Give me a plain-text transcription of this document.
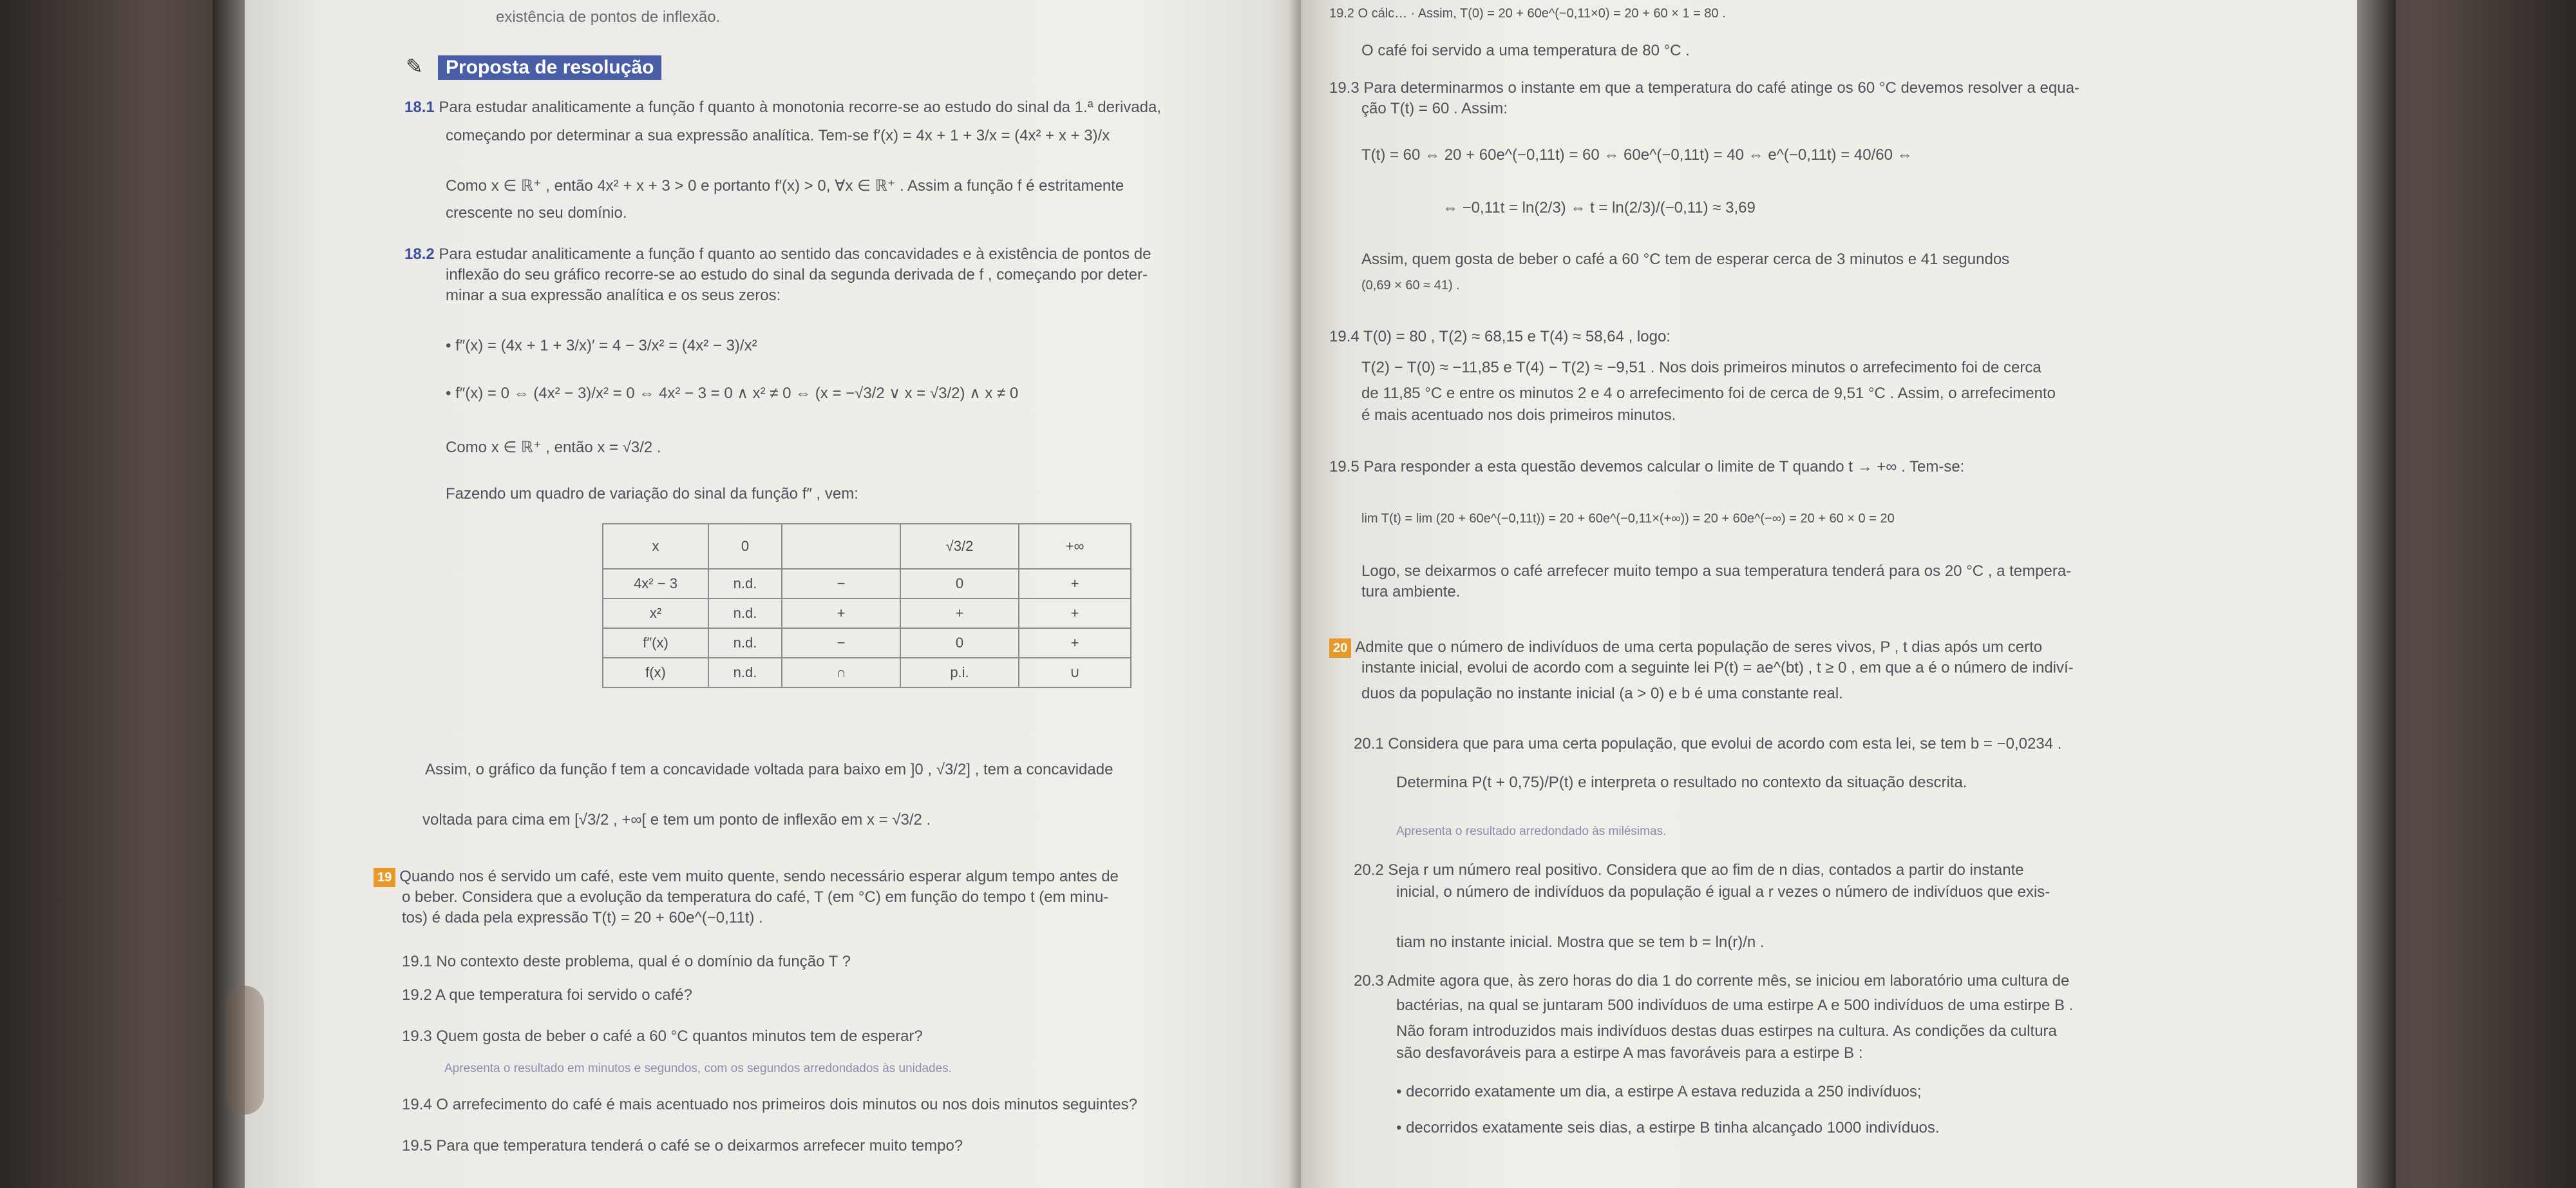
existência de pontos de inflexão.
✎	Proposta de resolução
18.1 Para estudar analiticamente a função f quanto à monotonia recorre-se ao estudo do sinal da 1.ª derivada,
começando por determinar a sua expressão analítica. Tem-se f′(x) = 4x + 1 + 3/x = (4x² + x + 3)/x
Como x ∈ ℝ⁺ , então 4x² + x + 3 > 0 e portanto f′(x) > 0, ∀x ∈ ℝ⁺ . Assim a função f é estritamente
crescente no seu domínio.
18.2 Para estudar analiticamente a função f quanto ao sentido das concavidades e à existência de pontos de
inflexão do seu gráfico recorre-se ao estudo do sinal da segunda derivada de f , começando por deter-
minar a sua expressão analítica e os seus zeros:
• f″(x) = (4x + 1 + 3/x)′ = 4 − 3/x² = (4x² − 3)/x²
• f″(x) = 0 ⇔ (4x² − 3)/x² = 0 ⇔ 4x² − 3 = 0 ∧ x² ≠ 0 ⇔ (x = −√3/2 ∨ x = √3/2) ∧ x ≠ 0
Como x ∈ ℝ⁺ , então x = √3/2 .
Fazendo um quadro de variação do sinal da função f″ , vem:
x	0		√3/2	+∞
4x² − 3	n.d.	−	0	+
x²	n.d.	+	+	+
f″(x)	n.d.	−	0	+
f(x)	n.d.	∩	p.i.	∪
Assim, o gráfico da função f tem a concavidade voltada para baixo em ]0 , √3/2] , tem a concavidade
voltada para cima em [√3/2 , +∞[ e tem um ponto de inflexão em x = √3/2 .
19 Quando nos é servido um café, este vem muito quente, sendo necessário esperar algum tempo antes de
o beber. Considera que a evolução da temperatura do café, T (em °C) em função do tempo t (em minu-
tos) é dada pela expressão T(t) = 20 + 60e^(−0,11t) .
19.1 No contexto deste problema, qual é o domínio da função T ?
19.2 A que temperatura foi servido o café?
19.3 Quem gosta de beber o café a 60 °C quantos minutos tem de esperar?
Apresenta o resultado em minutos e segundos, com os segundos arredondados às unidades.
19.4 O arrefecimento do café é mais acentuado nos primeiros dois minutos ou nos dois minutos seguintes?
19.5 Para que temperatura tenderá o café se o deixarmos arrefecer muito tempo?
19.2 O cálc… · Assim, T(0) = 20 + 60e^(−0,11×0) = 20 + 60 × 1 = 80 .
O café foi servido a uma temperatura de 80 °C .
19.3 Para determinarmos o instante em que a temperatura do café atinge os 60 °C devemos resolver a equa-
ção T(t) = 60 . Assim:
T(t) = 60 ⇔ 20 + 60e^(−0,11t) = 60 ⇔ 60e^(−0,11t) = 40 ⇔ e^(−0,11t) = 40/60 ⇔
⇔ −0,11t = ln(2/3) ⇔ t = ln(2/3)/(−0,11) ≈ 3,69
Assim, quem gosta de beber o café a 60 °C tem de esperar cerca de 3 minutos e 41 segundos
(0,69 × 60 ≈ 41) .
19.4 T(0) = 80 , T(2) ≈ 68,15 e T(4) ≈ 58,64 , logo:
T(2) − T(0) ≈ −11,85 e T(4) − T(2) ≈ −9,51 . Nos dois primeiros minutos o arrefecimento foi de cerca
de 11,85 °C e entre os minutos 2 e 4 o arrefecimento foi de cerca de 9,51 °C . Assim, o arrefecimento
é mais acentuado nos dois primeiros minutos.
19.5 Para responder a esta questão devemos calcular o limite de T quando t → +∞ . Tem-se:
lim T(t) = lim (20 + 60e^(−0,11t)) = 20 + 60e^(−0,11×(+∞)) = 20 + 60e^(−∞) = 20 + 60 × 0 = 20
Logo, se deixarmos o café arrefecer muito tempo a sua temperatura tenderá para os 20 °C , a tempera-
tura ambiente.
20 Admite que o número de indivíduos de uma certa população de seres vivos, P , t dias após um certo
instante inicial, evolui de acordo com a seguinte lei P(t) = ae^(bt) , t ≥ 0 , em que a é o número de indiví-
duos da população no instante inicial (a > 0) e b é uma constante real.
20.1 Considera que para uma certa população, que evolui de acordo com esta lei, se tem b = −0,0234 .
Determina P(t + 0,75)/P(t) e interpreta o resultado no contexto da situação descrita.
Apresenta o resultado arredondado às milésimas.
20.2 Seja r um número real positivo. Considera que ao fim de n dias, contados a partir do instante
inicial, o número de indivíduos da população é igual a r vezes o número de indivíduos que exis-
tiam no instante inicial. Mostra que se tem b = ln(r)/n .
20.3 Admite agora que, às zero horas do dia 1 do corrente mês, se iniciou em laboratório uma cultura de
bactérias, na qual se juntaram 500 indivíduos de uma estirpe A e 500 indivíduos de uma estirpe B .
Não foram introduzidos mais indivíduos destas duas estirpes na cultura. As condições da cultura
são desfavoráveis para a estirpe A mas favoráveis para a estirpe B :
• decorrido exatamente um dia, a estirpe A estava reduzida a 250 indivíduos;
• decorridos exatamente seis dias, a estirpe B tinha alcançado 1000 indivíduos.
